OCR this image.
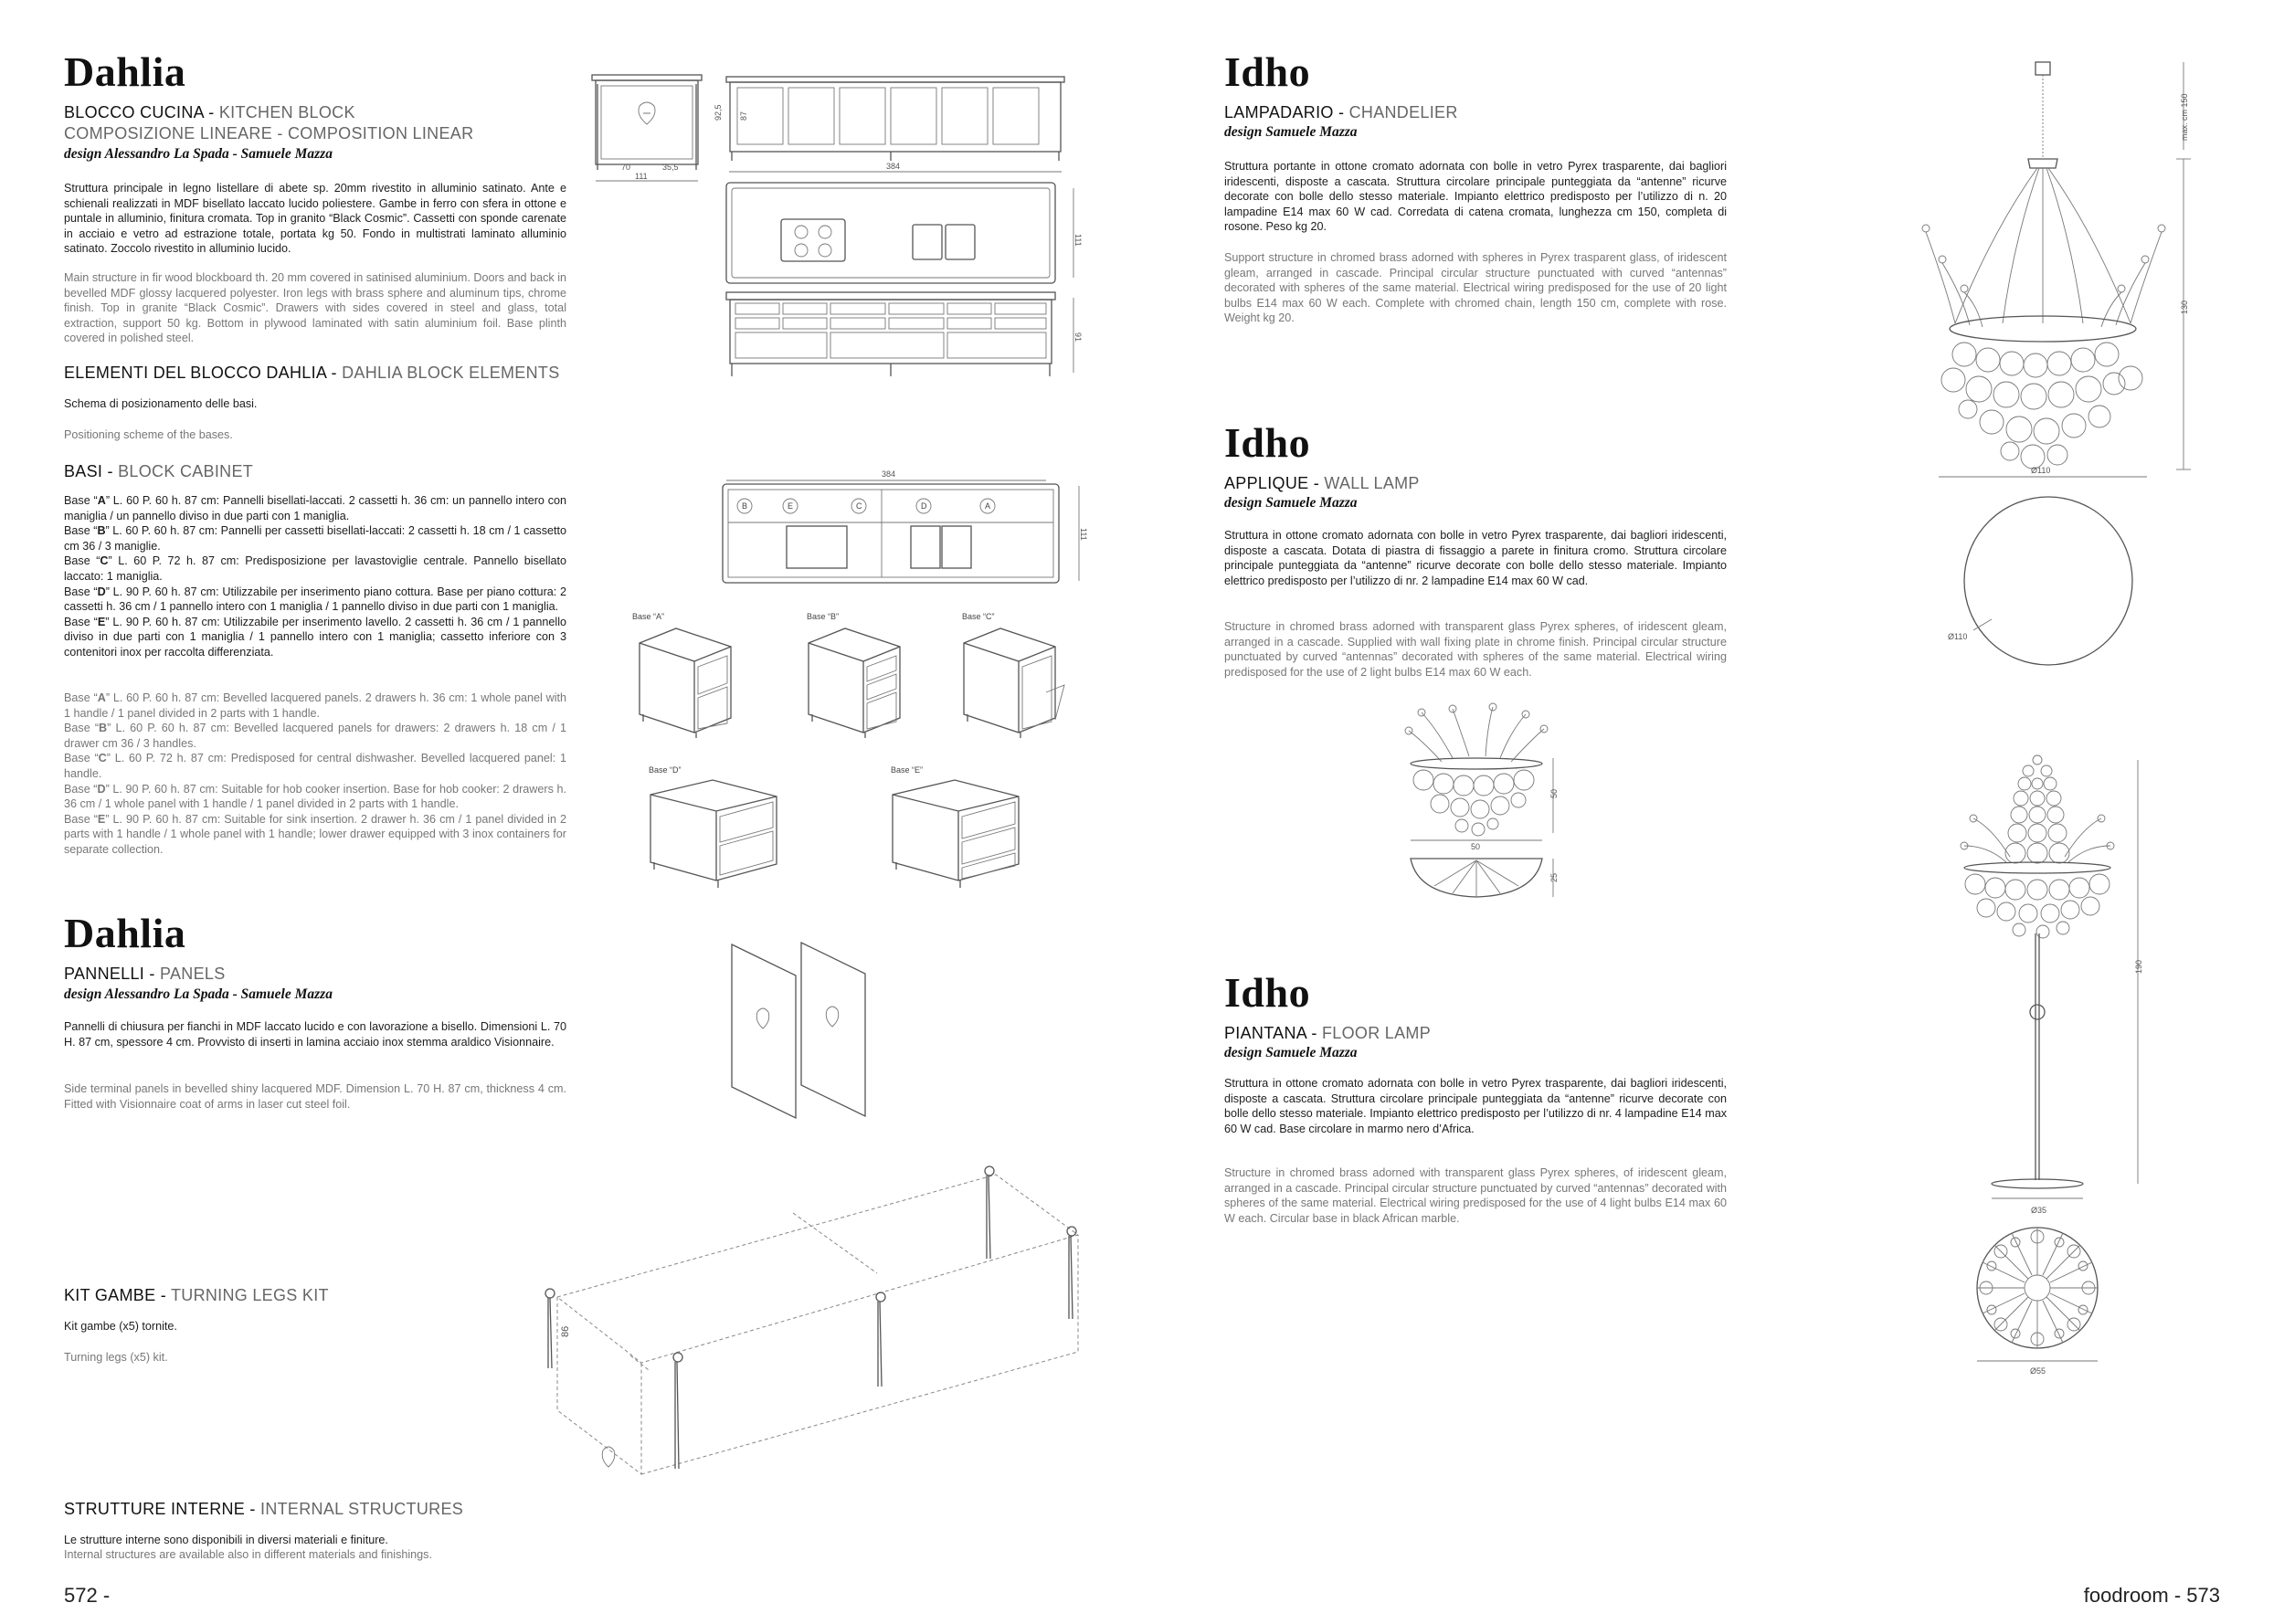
Dahlia
BLOCCO CUCINA - KITCHEN BLOCK
COMPOSIZIONE LINEARE - COMPOSITION LINEAR
design Alessandro La Spada - Samuele Mazza
Struttura principale in legno listellare di abete sp. 20mm rivestito in alluminio satinato. Ante e schienali realizzati in MDF bisellato laccato lucido poliestere. Gambe in ferro con sfera in ottone e puntale in alluminio, finitura cromata. Top in granito “Black Cosmic”. Cassetti con sponde carenate in acciaio e vetro ad estrazione totale, portata kg 50. Fondo in multistrati laminato alluminio satinato. Zoccolo rivestito in alluminio lucido.
Main structure in fir wood blockboard th. 20 mm covered in satinised aluminium. Doors and back in bevelled MDF glossy lacquered polyester. Iron legs with brass sphere and aluminum tips, chrome finish. Top in granite “Black Cosmic”. Drawers with sides covered in steel and glass, total extraction, support 50 kg. Bottom in plywood laminated with satin aluminium foil. Base plinth covered in polished steel.
ELEMENTI DEL BLOCCO DAHLIA - DAHLIA BLOCK ELEMENTS
Schema di posizionamento delle basi.
Positioning scheme of the bases.
BASI - BLOCK CABINET
Base “A” L. 60 P. 60 h. 87 cm: Pannelli bisellati-laccati. 2 cassetti h. 36 cm: un pannello intero con maniglia / un pannello diviso in due parti con 1 maniglia.
Base “B” L. 60 P. 60 h. 87 cm: Pannelli per cassetti bisellati-laccati: 2 cassetti h. 18 cm / 1 cassetto cm 36 / 3 maniglie.
Base “C” L. 60 P. 72 h. 87 cm: Predisposizione per lavastoviglie centrale. Pannello bisellato laccato: 1 maniglia.
Base “D” L. 90 P. 60 h. 87 cm: Utilizzabile per inserimento piano cottura. Base per piano cottura: 2 cassetti h. 36 cm / 1 pannello intero con 1 maniglia / 1 pannello diviso in due parti con 1 maniglia.
Base “E” L. 90 P. 60 h. 87 cm: Utilizzabile per inserimento lavello. 2 cassetti h. 36 cm / 1 pannello diviso in due parti con 1 maniglia / 1 pannello intero con 1 maniglia; cassetto inferiore con 3 contenitori inox per raccolta differenziata.
Base “A” L. 60 P. 60 h. 87 cm: Bevelled lacquered panels. 2 drawers h. 36 cm: 1 whole panel with 1 handle / 1 panel divided in 2 parts with 1 handle.
Base “B” L. 60 P. 60 h. 87 cm: Bevelled lacquered panels for drawers: 2 drawers h. 18 cm / 1 drawer cm 36 / 3 handles.
Base “C” L. 60 P. 72 h. 87 cm: Predisposed for central dishwasher. Bevelled lacquered panel: 1 handle.
Base “D” L. 90 P. 60 h. 87 cm: Suitable for hob cooker insertion. Base for hob cooker: 2 drawers h. 36 cm / 1 whole panel with 1 handle / 1 panel divided in 2 parts with 1 handle.
Base “E” L. 90 P. 60 h. 87 cm: Suitable for sink insertion. 2 drawer h. 36 cm / 1 panel divided in 2 parts with 1 handle / 1 whole panel with 1 handle; lower drawer equipped with 3 inox containers for separate collection.
Dahlia
PANNELLI - PANELS
design Alessandro La Spada - Samuele Mazza
Pannelli di chiusura per fianchi in MDF laccato lucido e con lavorazione a bisello. Dimensioni L. 70 H. 87 cm, spessore 4 cm. Provvisto di inserti in lamina acciaio inox stemma araldico Visionnaire.
Side terminal panels in bevelled shiny lacquered MDF. Dimension L. 70 H. 87 cm, thickness 4 cm. Fitted with Visionnaire coat of arms in laser cut steel foil.
KIT GAMBE - TURNING LEGS KIT
Kit gambe (x5) tornite.
Turning legs (x5) kit.
STRUTTURE INTERNE - INTERNAL STRUCTURES
Le strutture interne sono disponibili in diversi materiali e finiture.
Internal structures are available also in different materials and finishings.
572 -
70	35,5
111
92,5 87
384
111
91
384
B	E	C	D	A
111
Base “A”	Base “B”	Base “C”
Base “D”	Base “E”
86
Idho
LAMPADARIO - CHANDELIER
design Samuele Mazza
Struttura portante in ottone cromato adornata con bolle in vetro Pyrex trasparente, dai bagliori iridescenti, disposte a cascata. Struttura circolare principale punteggiata da “antenne” ricurve decorate con bolle dello stesso materiale. Impianto elettrico predisposto per l’utilizzo di n. 20 lampadine E14 max 60 W cad. Corredata di catena cromata, lunghezza cm 150, completa di rosone. Peso kg 20.
Support structure in chromed brass adorned with spheres in Pyrex trasparent glass, of iridescent gleam, arranged in cascade. Principal circular structure punctuated with curved “antennas” decorated with spheres of the same material. Electrical wiring predisposed for the use of 20 light bulbs E14 max 60 W each. Complete with chromed chain, length 150 cm, complete with rose. Weight kg 20.
Idho
APPLIQUE - WALL LAMP
design Samuele Mazza
Struttura in ottone cromato adornata con bolle in vetro Pyrex trasparente, dai bagliori iridescenti, disposte a cascata. Dotata di piastra di fissaggio a parete in finitura cromo. Struttura circolare principale punteggiata da “antenne” ricurve decorate con bolle dello stesso materiale. Impianto elettrico predisposto per l’utilizzo di nr. 2 lampadine E14 max 60 W cad.
Structure in chromed brass adorned with transparent glass Pyrex spheres, of iridescent gleam, arranged in a cascade. Supplied with wall fixing plate in chrome finish. Principal circular structure punctuated by curved “antennas” decorated with spheres of the same material. Electrical wiring predisposed for the use of 2 light bulbs E14 max 60 W each.
Idho
PIANTANA - FLOOR LAMP
design Samuele Mazza
Struttura in ottone cromato adornata con bolle in vetro Pyrex trasparente, dai bagliori iridescenti, disposte a cascata. Struttura circolare principale punteggiata da “antenne” ricurve decorate con bolle dello stesso materiale. Impianto elettrico predisposto per l’utilizzo di nr. 4 lampadine E14 max 60 W cad. Base circolare in marmo nero d’Africa.
Structure in chromed brass adorned with transparent glass Pyrex spheres, of iridescent gleam, arranged in a cascade. Principal circular structure punctuated by curved “antennas” decorated with spheres of the same material. Electrical wiring predisposed for the use of 4 light bulbs E14 max 60 W each. Circular base in black African marble.
foodroom - 573
130
max. cm 150
Ø110
Ø110
50
50
25
190
Ø35
Ø55
